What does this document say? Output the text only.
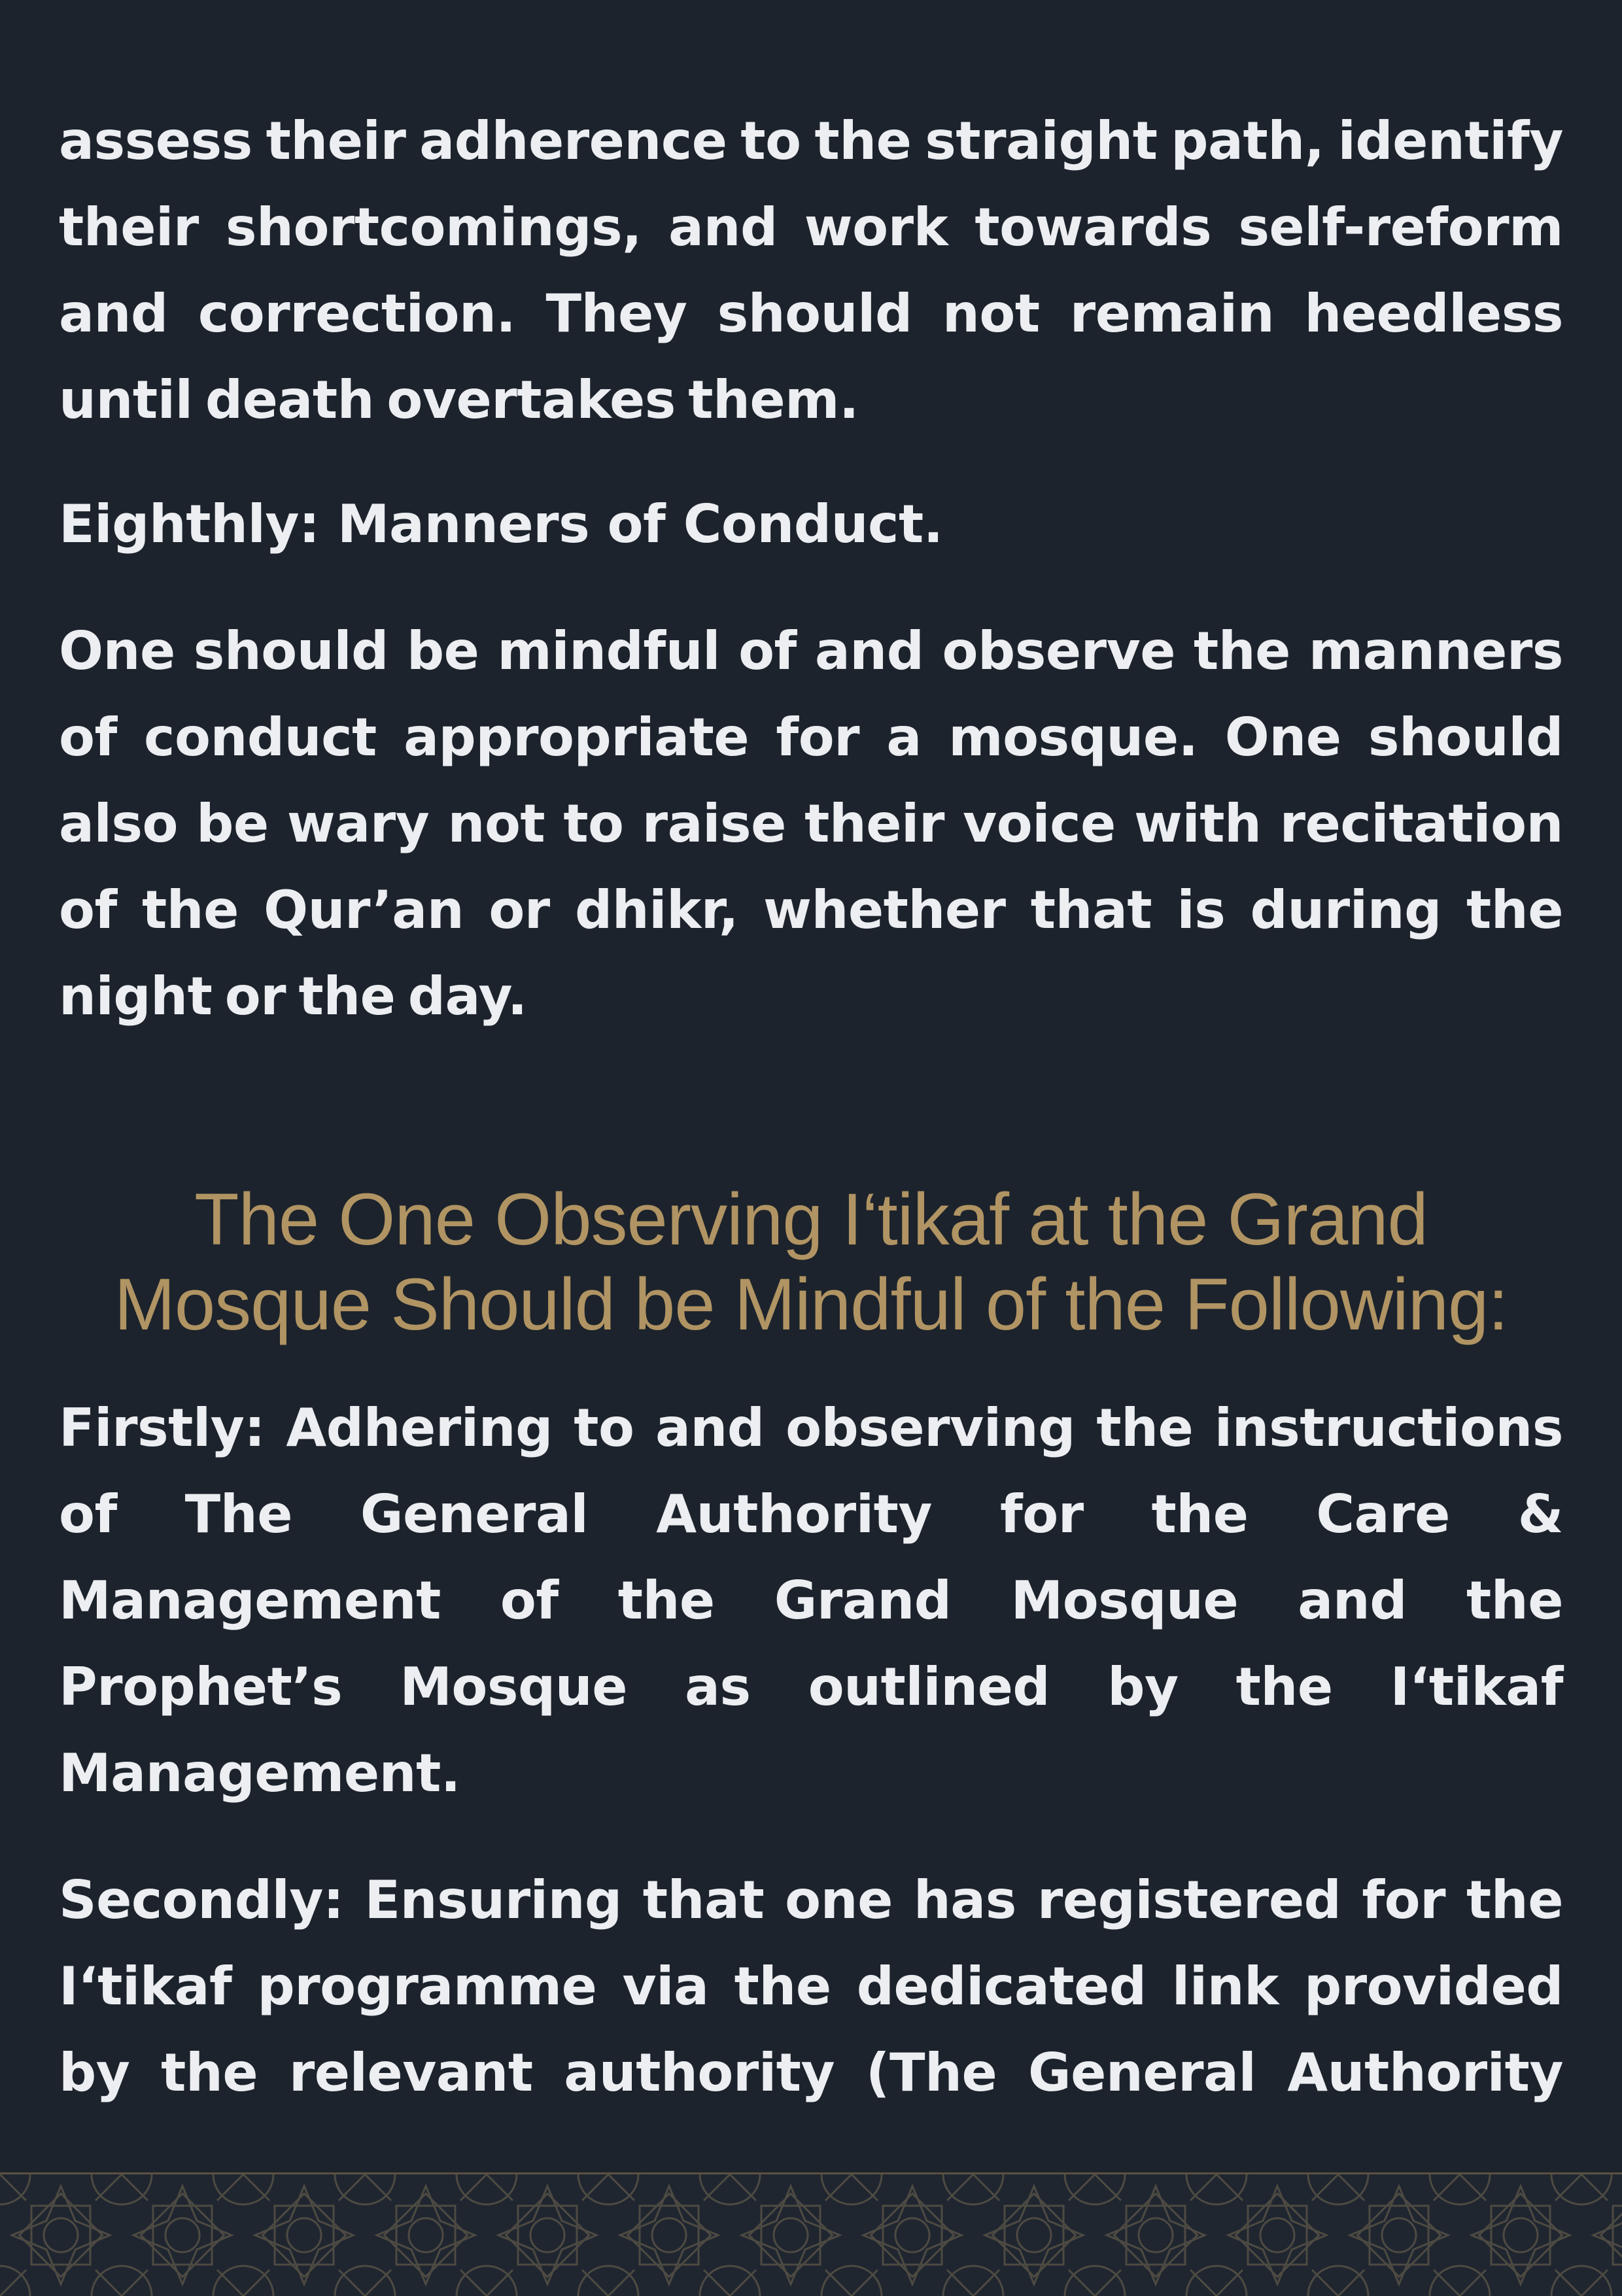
assess their adherence to the straight path, identify their shortcomings, and work towards self-reform and correction. They should not remain heedless until death overtakes them.

Eighthly: Manners of Conduct.

One should be mindful of and observe the manners of conduct appropriate for a mosque. One should also be wary not to raise their voice with recitation of the Qur’an or dhikr, whether that is during the night or the day.

The One Observing I‘tikaf at the Grand
Mosque Should be Mindful of the Following:

Firstly: Adhering to and observing the instructions of The General Authority for the Care & Management of the Grand Mosque and the Prophet’s Mosque as outlined by the I‘tikaf Management.

Secondly: Ensuring that one has registered for the I‘tikaf programme via the dedicated link provided by the relevant authority (The General Authority
